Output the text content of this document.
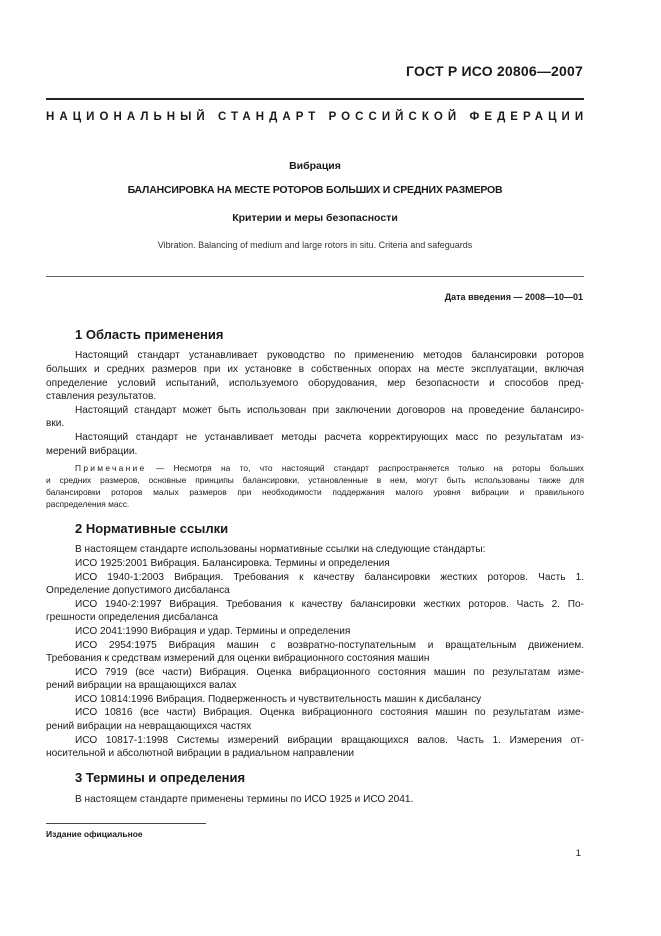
ГОСТ Р ИСО 20806—2007
НАЦИОНАЛЬНЫЙ СТАНДАРТ РОССИЙСКОЙ ФЕДЕРАЦИИ
Вибрация
БАЛАНСИРОВКА НА МЕСТЕ РОТОРОВ БОЛЬШИХ И СРЕДНИХ РАЗМЕРОВ
Критерии и меры безопасности
Vibration. Balancing of medium and large rotors in situ. Criteria and safeguards
Дата введения — 2008—10—01
1 Область применения
Настоящий стандарт устанавливает руководство по применению методов балансировки роторов
больших и средних размеров при их установке в собственных опорах на месте эксплуатации, включая
определение условий испытаний, используемого оборудования, мер безопасности и способов пред-
ставления результатов.
Настоящий стандарт может быть использован при заключении договоров на проведение балансиро-
вки.
Настоящий стандарт не устанавливает методы расчета корректирующих масс по результатам из-
мерений вибрации.
Примечание — Несмотря на то, что настоящий стандарт распространяется только на роторы больших
и средних размеров, основные принципы балансировки, установленные в нем, могут быть использованы также для
балансировки роторов малых размеров при необходимости поддержания малого уровня вибрации и правильного
распределения масс.
2 Нормативные ссылки
В настоящем стандарте использованы нормативные ссылки на следующие стандарты:
ИСО 1925:2001 Вибрация. Балансировка. Термины и определения
ИСО 1940-1:2003 Вибрация. Требования к качеству балансировки жестких роторов. Часть 1.
Определение допустимого дисбаланса
ИСО 1940-2:1997 Вибрация. Требования к качеству балансировки жестких роторов. Часть 2. По-
грешности определения дисбаланса
ИСО 2041:1990 Вибрация и удар. Термины и определения
ИСО 2954:1975 Вибрация машин с возвратно-поступательным и вращательным движением.
Требования к средствам измерений для оценки вибрационного состояния машин
ИСО 7919 (все части) Вибрация. Оценка вибрационного состояния машин по результатам изме-
рений вибрации на вращающихся валах
ИСО 10814:1996 Вибрация. Подверженность и чувствительность машин к дисбалансу
ИСО 10816 (все части) Вибрация. Оценка вибрационного состояния машин по результатам изме-
рений вибрации на невращающихся частях
ИСО 10817-1:1998 Системы измерений вибрации вращающихся валов. Часть 1. Измерения от-
носительной и абсолютной вибрации в радиальном направлении
3 Термины и определения
В настоящем стандарте применены термины по ИСО 1925 и ИСО 2041.
Издание официальное
1
